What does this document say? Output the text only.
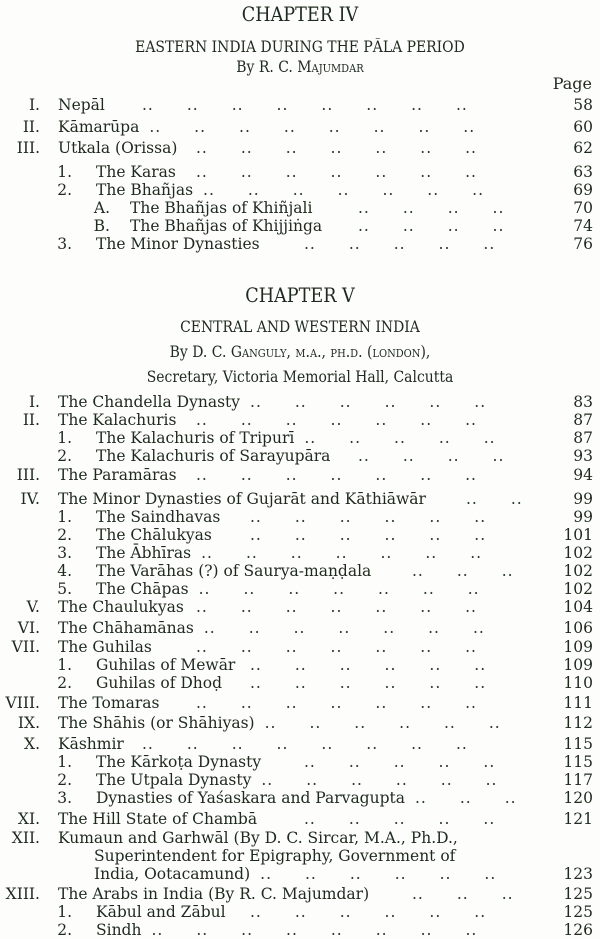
CHAPTER IV
EASTERN INDIA DURING THE PĀLA PERIOD
By R. C. Majumdar
Page
I. Nepāl	58
..  ..  ..  ..  ..  ..  ..  ..
II. Kāmarūpa	60
..  ..  ..  ..  ..  ..  ..  ..
III. Utkala (Orissa)	62
..  ..  ..  ..  ..  ..  ..
1. The Karas	63
..  ..  ..  ..  ..  ..  ..
2. The Bhañjas	69
..  ..  ..  ..  ..  ..  ..
A. The Bhañjas of Khiñjali	70
..  ..  ..  ..
B. The Bhañjas of Khijjiṅga	74
..  ..  ..  ..
3. The Minor Dynasties	76
..  ..  ..  ..  ..
CHAPTER V
CENTRAL AND WESTERN INDIA
By D. C. Ganguly, m.a., ph.d. (london),
Secretary, Victoria Memorial Hall, Calcutta
I. The Chandella Dynasty	83
..  ..  ..  ..  ..  ..
II. The Kalachuris	87
..  ..  ..  ..  ..  ..  ..
1. The Kalachuris of Tripurī	87
..  ..  ..  ..  ..
2. The Kalachuris of Sarayupāra	93
..  ..  ..  ..
III. The Paramāras	94
..  ..  ..  ..  ..  ..  ..
IV. The Minor Dynasties of Gujarāt and Kāthiāwār	99
..  ..
1. The Saindhavas	99
..  ..  ..  ..  ..  ..
2. The Chālukyas	101
..  ..  ..  ..  ..  ..
3. The Ābhīras	102
..  ..  ..  ..  ..  ..  ..
4. The Varāhas (?) of Saurya-maṇḍala	102
..  ..  ..
5. The Chāpas	102
..  ..  ..  ..  ..  ..  ..
V. The Chaulukyas	104
..  ..  ..  ..  ..  ..  ..
VI. The Chāhamānas	106
..  ..  ..  ..  ..  ..  ..
VII. The Guhilas	109
..  ..  ..  ..  ..  ..  ..
1. Guhilas of Mewār	109
..  ..  ..  ..  ..  ..
2. Guhilas of Dhoḍ	110
..  ..  ..  ..  ..  ..
VIII. The Tomaras	111
..  ..  ..  ..  ..  ..  ..
IX. The Shāhis (or Shāhiyas)	112
..  ..  ..  ..  ..  ..
X. Kāshmir	115
..  ..  ..  ..  ..  ..  ..  ..
1. The Kārkoṭa Dynasty	115
..  ..  ..  ..  ..
2. The Utpala Dynasty	117
..  ..  ..  ..  ..  ..
3. Dynasties of Yaśaskara and Parvagupta	120
..  ..  ..
XI. The Hill State of Chambā	121
..  ..  ..  ..  ..
XII. Kumaun and Garhwāl (By D. C. Sircar, M.A., Ph.D.,
Superintendent for Epigraphy, Government of
India, Ootacamund)	123
..  ..  ..  ..  ..  ..
XIII. The Arabs in India (By R. C. Majumdar)	125
..  ..  ..
1. Kābul and Zābul	125
..  ..  ..  ..  ..  ..
2. Sindh	126
..  ..  ..  ..  ..  ..  ..  ..
